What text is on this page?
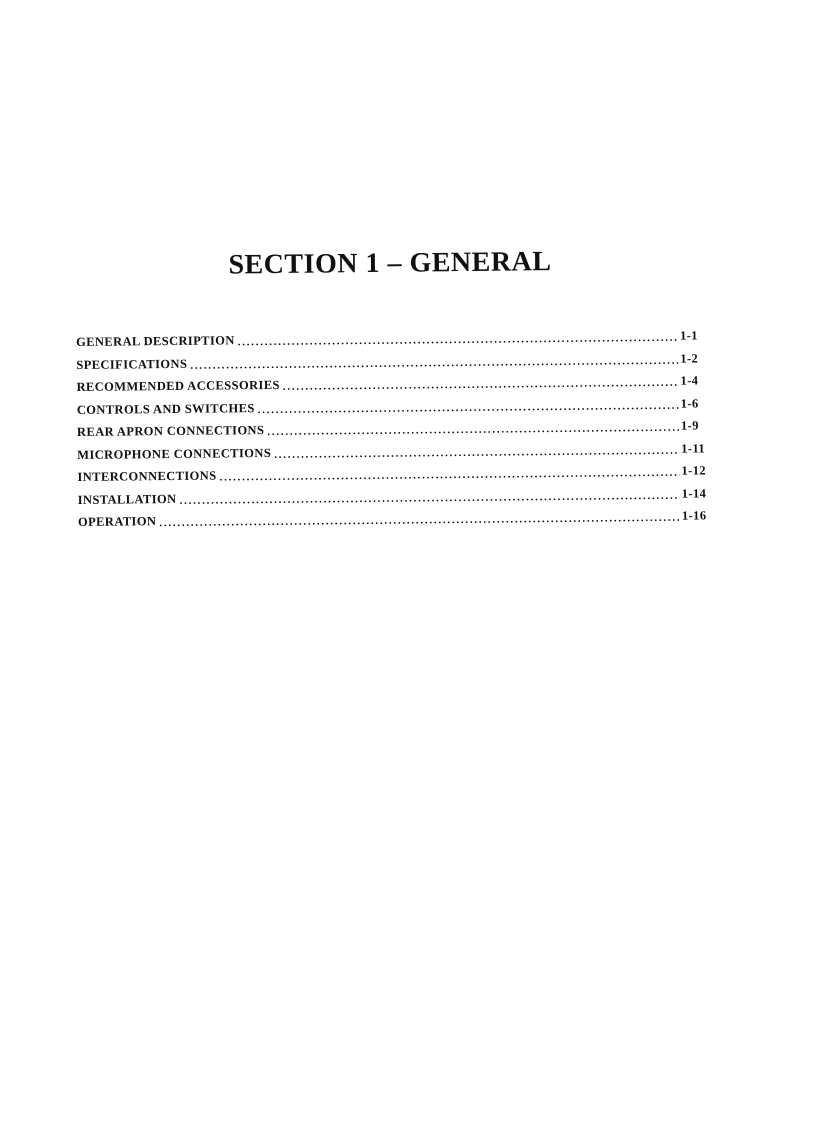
SECTION 1 – GENERAL
GENERAL DESCRIPTION . . .	1-1
SPECIFICATIONS . . .	1-2
RECOMMENDED ACCESSORIES . . .	1-4
CONTROLS AND SWITCHES . . .	1-6
REAR APRON CONNECTIONS . . .	1-9
MICROPHONE CONNECTIONS . . .	1-11
INTERCONNECTIONS . . .	1-12
INSTALLATION . . .	1-14
OPERATION . . .	1-16
